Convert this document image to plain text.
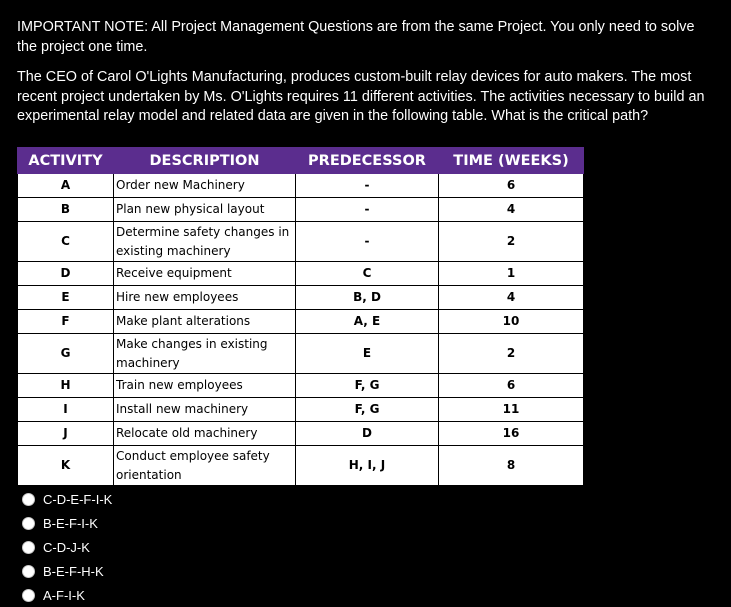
IMPORTANT NOTE: All Project Management Questions are from the same Project. You only need to solve the project one time.
The CEO of Carol O'Lights Manufacturing, produces custom-built relay devices for auto makers. The most recent project undertaken by Ms. O'Lights requires 11 different activities. The activities necessary to build an experimental relay model and related data are given in the following table. What is the critical path?
ACTIVITY	DESCRIPTION	PREDECESSOR	TIME (WEEKS)
A	Order new Machinery	-	6
B	Plan new physical layout	-	4
C	Determine safety changes in existing machinery	-	2
D	Receive equipment	C	1
E	Hire new employees	B, D	4
F	Make plant alterations	A, E	10
G	Make changes in existing machinery	E	2
H	Train new employees	F, G	6
I	Install new machinery	F, G	11
J	Relocate old machinery	D	16
K	Conduct employee safety orientation	H, I, J	8
C-D-E-F-I-K
B-E-F-I-K
C-D-J-K
B-E-F-H-K
A-F-I-K
